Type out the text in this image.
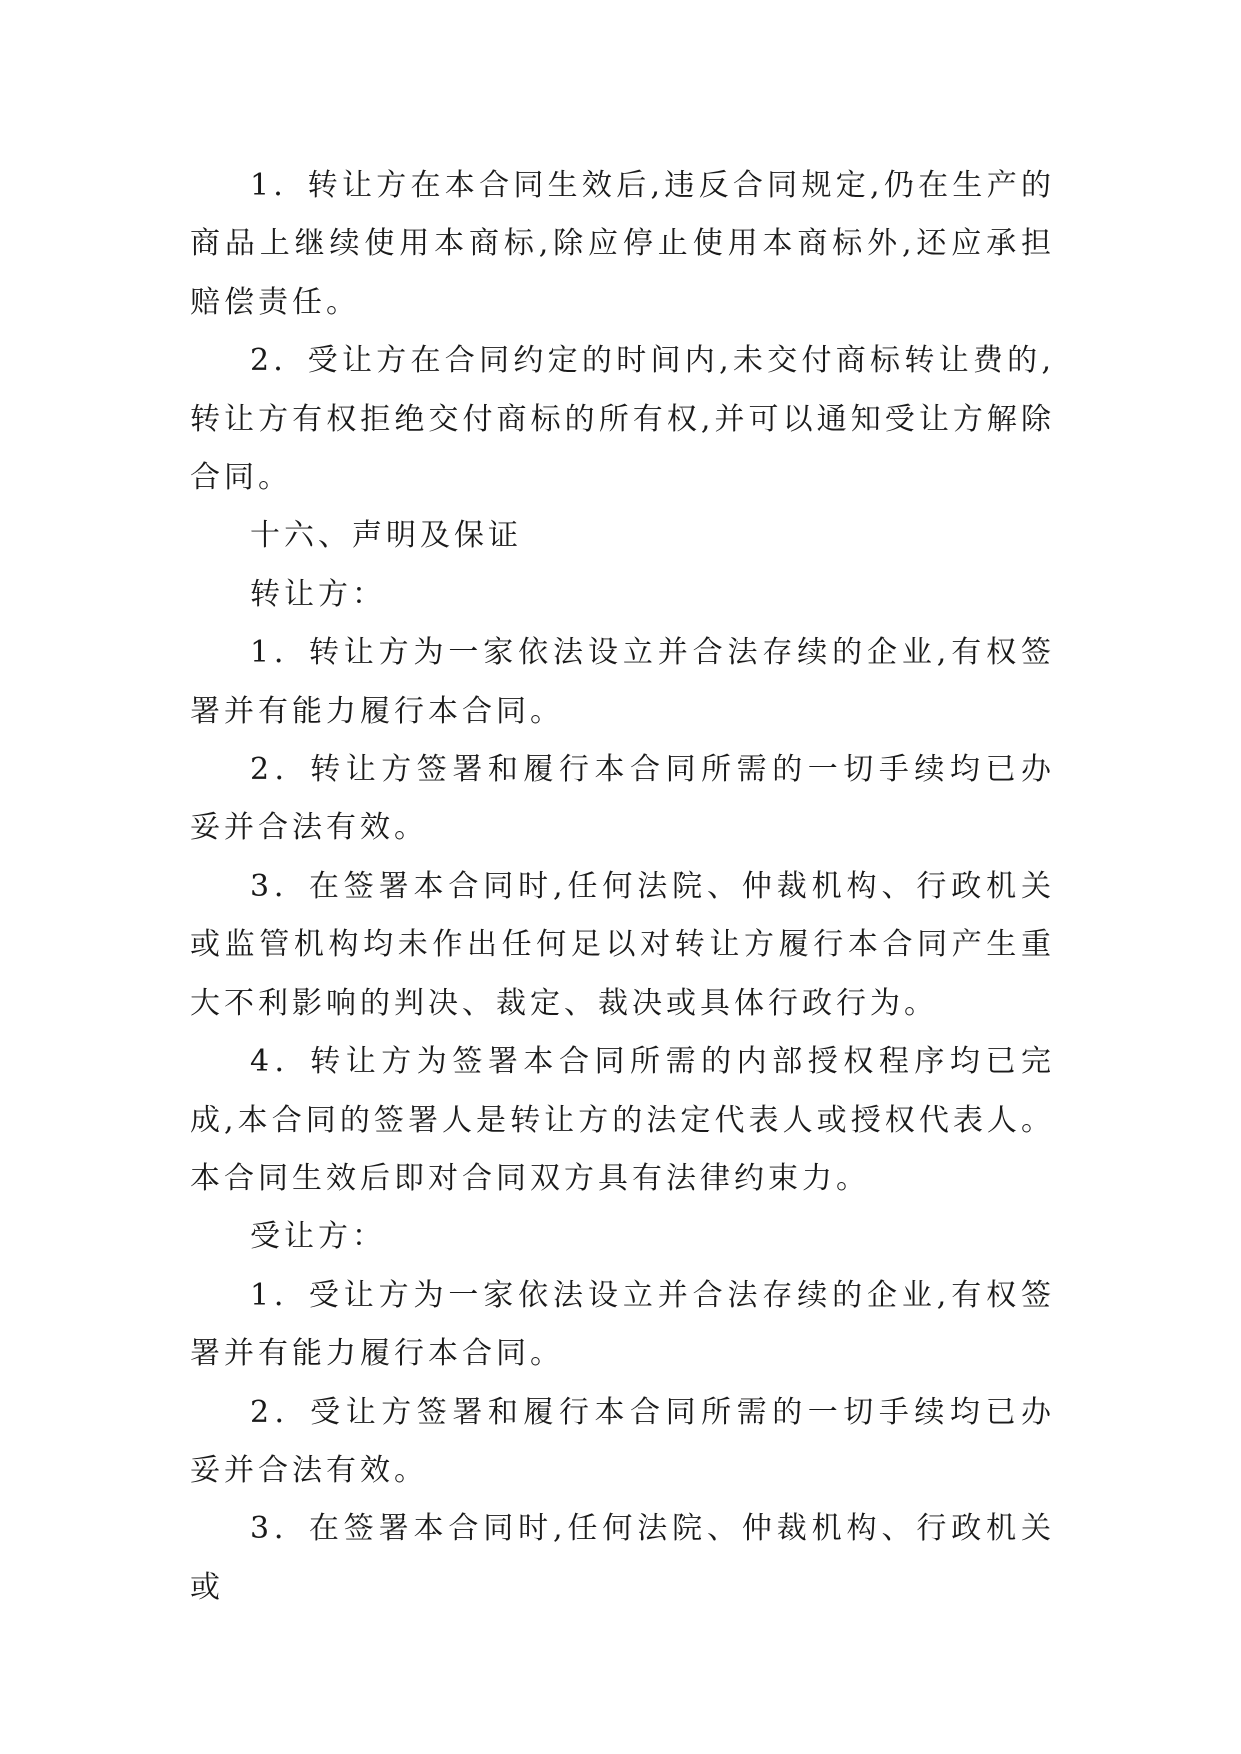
1．转让方在本合同生效后,违反合同规定,仍在生产的商品上继续使用本商标,除应停止使用本商标外,还应承担赔偿责任。

2．受让方在合同约定的时间内,未交付商标转让费的,转让方有权拒绝交付商标的所有权,并可以通知受让方解除合同。

十六、声明及保证

转让方：

1．转让方为一家依法设立并合法存续的企业,有权签署并有能力履行本合同。

2．转让方签署和履行本合同所需的一切手续均已办妥并合法有效。

3．在签署本合同时,任何法院、仲裁机构、行政机关或监管机构均未作出任何足以对转让方履行本合同产生重大不利影响的判决、裁定、裁决或具体行政行为。

4．转让方为签署本合同所需的内部授权程序均已完成,本合同的签署人是转让方的法定代表人或授权代表人。本合同生效后即对合同双方具有法律约束力。

受让方：

1．受让方为一家依法设立并合法存续的企业,有权签署并有能力履行本合同。

2．受让方签署和履行本合同所需的一切手续均已办妥并合法有效。

3．在签署本合同时,任何法院、仲裁机构、行政机关或
